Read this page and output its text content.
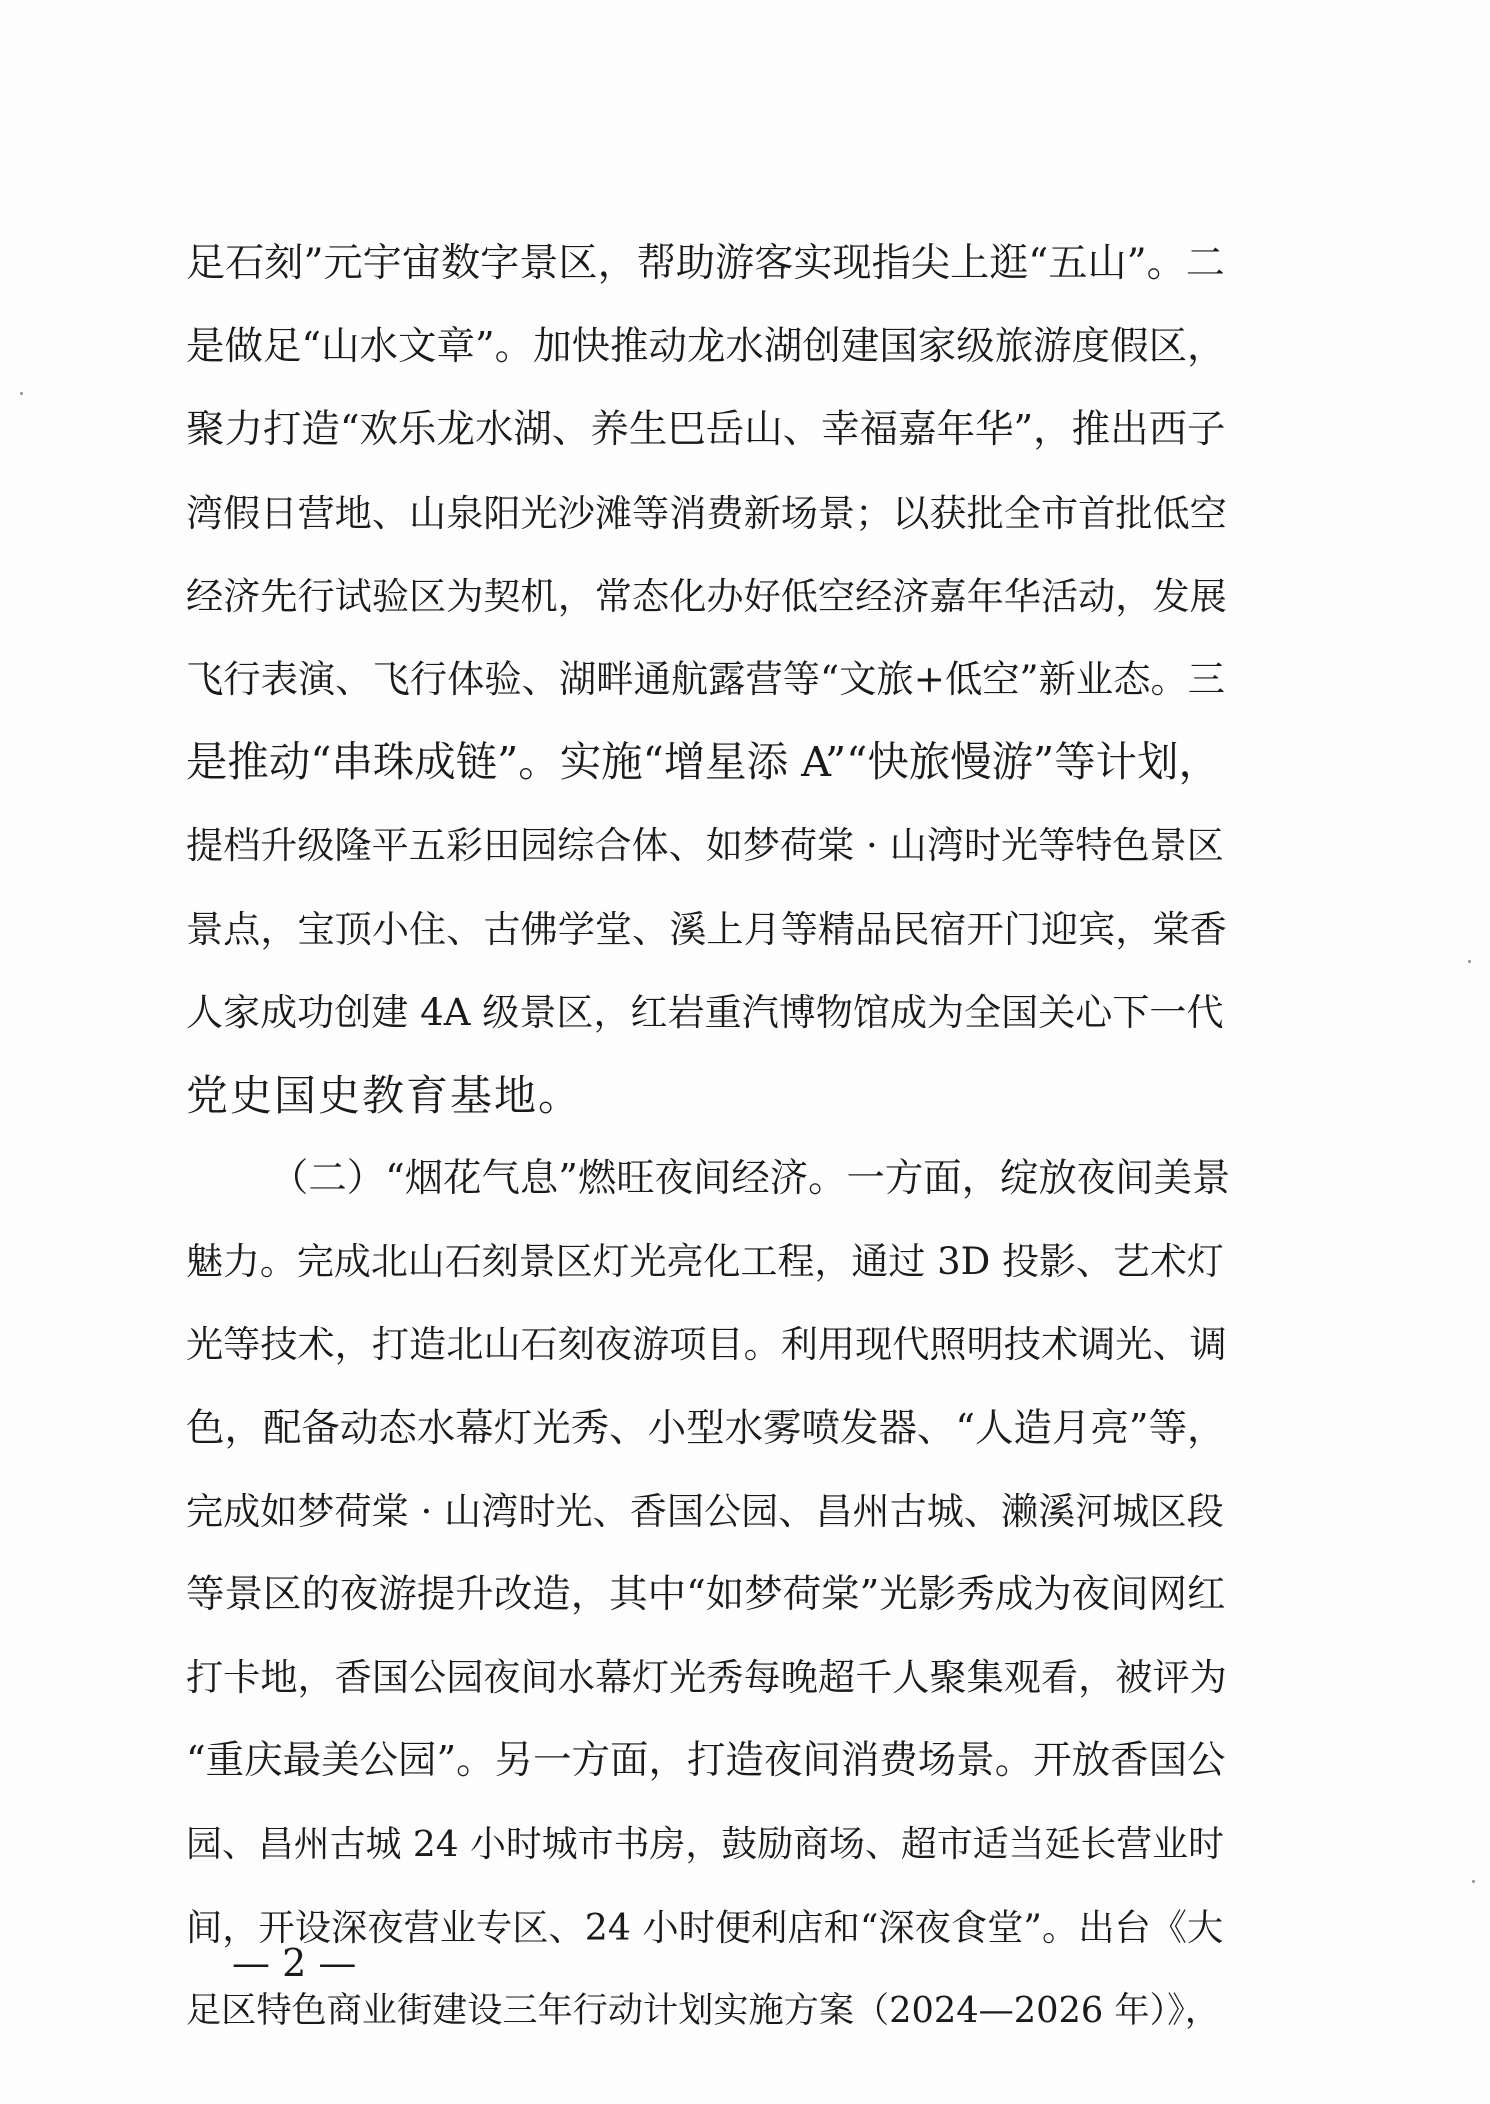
足石刻”元宇宙数字景区，帮助游客实现指尖上逛“五山”。二
是做足“山水文章”。加快推动龙水湖创建国家级旅游度假区，
聚力打造“欢乐龙水湖、养生巴岳山、幸福嘉年华”，推出西子
湾假日营地、山泉阳光沙滩等消费新场景；以获批全市首批低空
经济先行试验区为契机，常态化办好低空经济嘉年华活动，发展
飞行表演、飞行体验、湖畔通航露营等“文旅+低空”新业态。三
是推动“串珠成链”。实施“增星添 A”“快旅慢游”等计划，
提档升级隆平五彩田园综合体、如梦荷棠 · 山湾时光等特色景区
景点，宝顶小住、古佛学堂、溪上月等精品民宿开门迎宾，棠香
人家成功创建 4A 级景区，红岩重汽博物馆成为全国关心下一代
党史国史教育基地。
（二）“烟花气息”燃旺夜间经济。一方面，绽放夜间美景
魅力。完成北山石刻景区灯光亮化工程，通过 3D 投影、艺术灯
光等技术，打造北山石刻夜游项目。利用现代照明技术调光、调
色，配备动态水幕灯光秀、小型水雾喷发器、“人造月亮”等，
完成如梦荷棠 · 山湾时光、香国公园、昌州古城、濑溪河城区段
等景区的夜游提升改造，其中“如梦荷棠”光影秀成为夜间网红
打卡地，香国公园夜间水幕灯光秀每晚超千人聚集观看，被评为
“重庆最美公园”。另一方面，打造夜间消费场景。开放香国公
园、昌州古城 24 小时城市书房，鼓励商场、超市适当延长营业时
间，开设深夜营业专区、24 小时便利店和“深夜食堂”。出台《大
足区特色商业街建设三年行动计划实施方案（2024—2026 年）》，
— 2 —
